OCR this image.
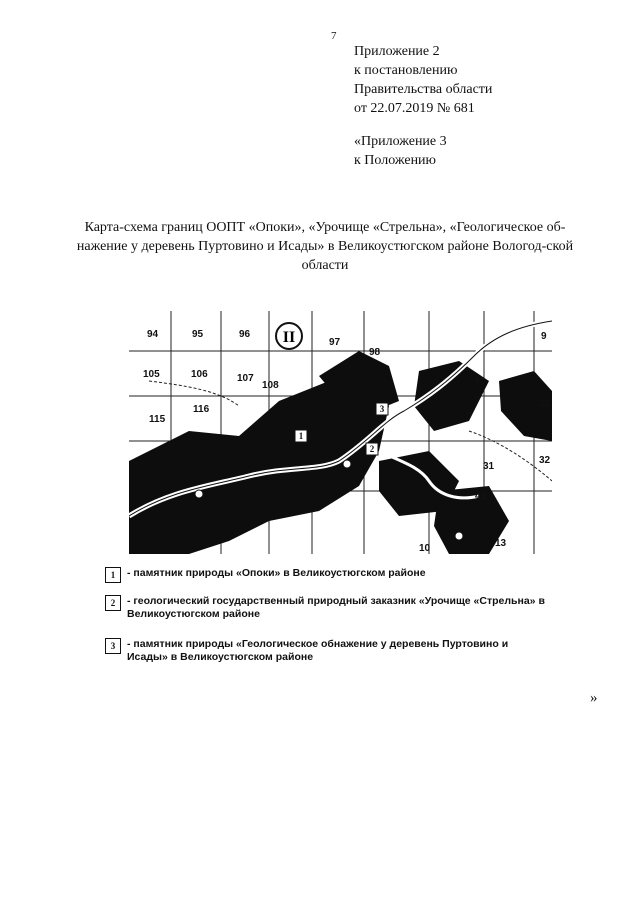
7
Приложение 2
к постановлению
Правительства области
от 22.07.2019 № 681
«Приложение 3
к Положению
Карта-схема границ ООПТ «Опоки», «Урочище «Стрельна», «Геологическое об-нажение у деревень Пуртовино и Исады» в Великоустюгском районе Вологод-ской области
II
94	95	96
97
98
9
105	106	107
108	7
115
116
22
32
31
41
13
10
1
2
3
1 - памятник природы «Опоки» в Великоустюгском районе
2 - геологический государственный природный заказник «Урочище «Стрельна» в Великоустюгском районе
3 - памятник природы «Геологическое обнажение у деревень Пуртовино и Исады» в Великоустюгском районе
»
